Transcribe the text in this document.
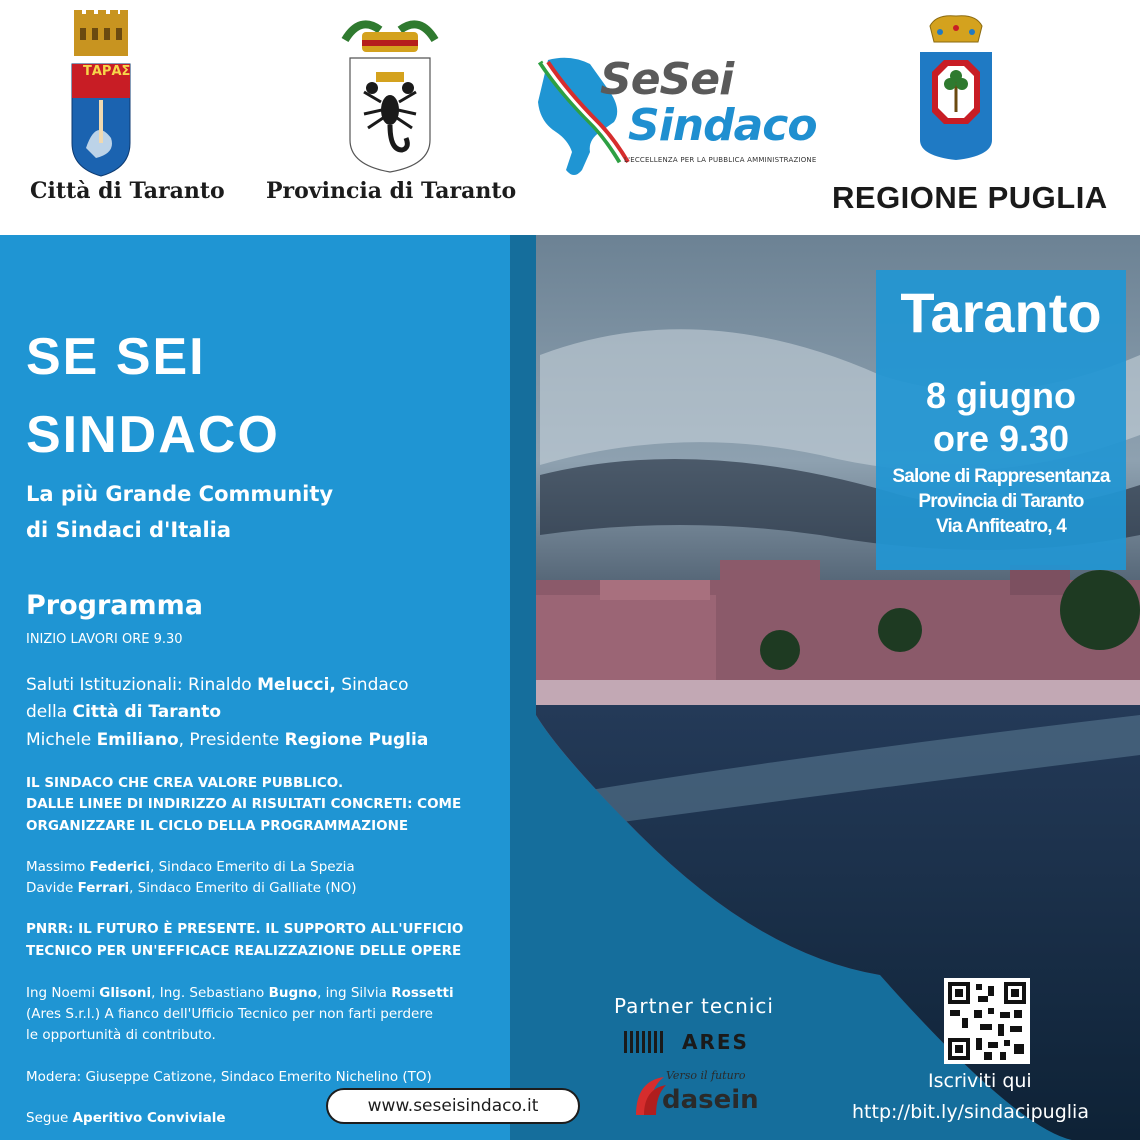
Città di Taranto
ΤΑΡΑΣ
Provincia di Taranto
SeSei
Sindaco
L'ECCELLENZA PER LA PUBBLICA AMMINISTRAZIONE
REGIONE PUGLIA
SE SEI
SINDACO
La più Grande Community
di Sindaci d'Italia
Programma
INIZIO LAVORI ORE 9.30
Saluti Istituzionali: Rinaldo Melucci, Sindaco
della Città di Taranto
Michele Emiliano, Presidente Regione Puglia
IL SINDACO CHE CREA VALORE PUBBLICO.
DALLE LINEE DI INDIRIZZO AI RISULTATI CONCRETI: COME
ORGANIZZARE IL CICLO DELLA PROGRAMMAZIONE
Massimo Federici, Sindaco Emerito di La Spezia
Davide Ferrari, Sindaco Emerito di Galliate (NO)
PNRR: IL FUTURO È PRESENTE. IL SUPPORTO ALL'UFFICIO
TECNICO PER UN'EFFICACE REALIZZAZIONE DELLE OPERE
Ing Noemi Glisoni, Ing. Sebastiano Bugno, ing Silvia Rossetti
(Ares S.r.l.) A fianco dell'Ufficio Tecnico per non farti perdere
le opportunità di contributo.
Modera: Giuseppe Catizone, Sindaco Emerito Nichelino (TO)
Segue Aperitivo Conviviale
Taranto
8 giugno
ore 9.30
Salone di Rappresentanza
Provincia di Taranto
Via Anfiteatro, 4
Partner tecnici
ARES
Verso il futuro
dasein
www.seseisindaco.it
Iscriviti qui
http://bit.ly/sindacipuglia
